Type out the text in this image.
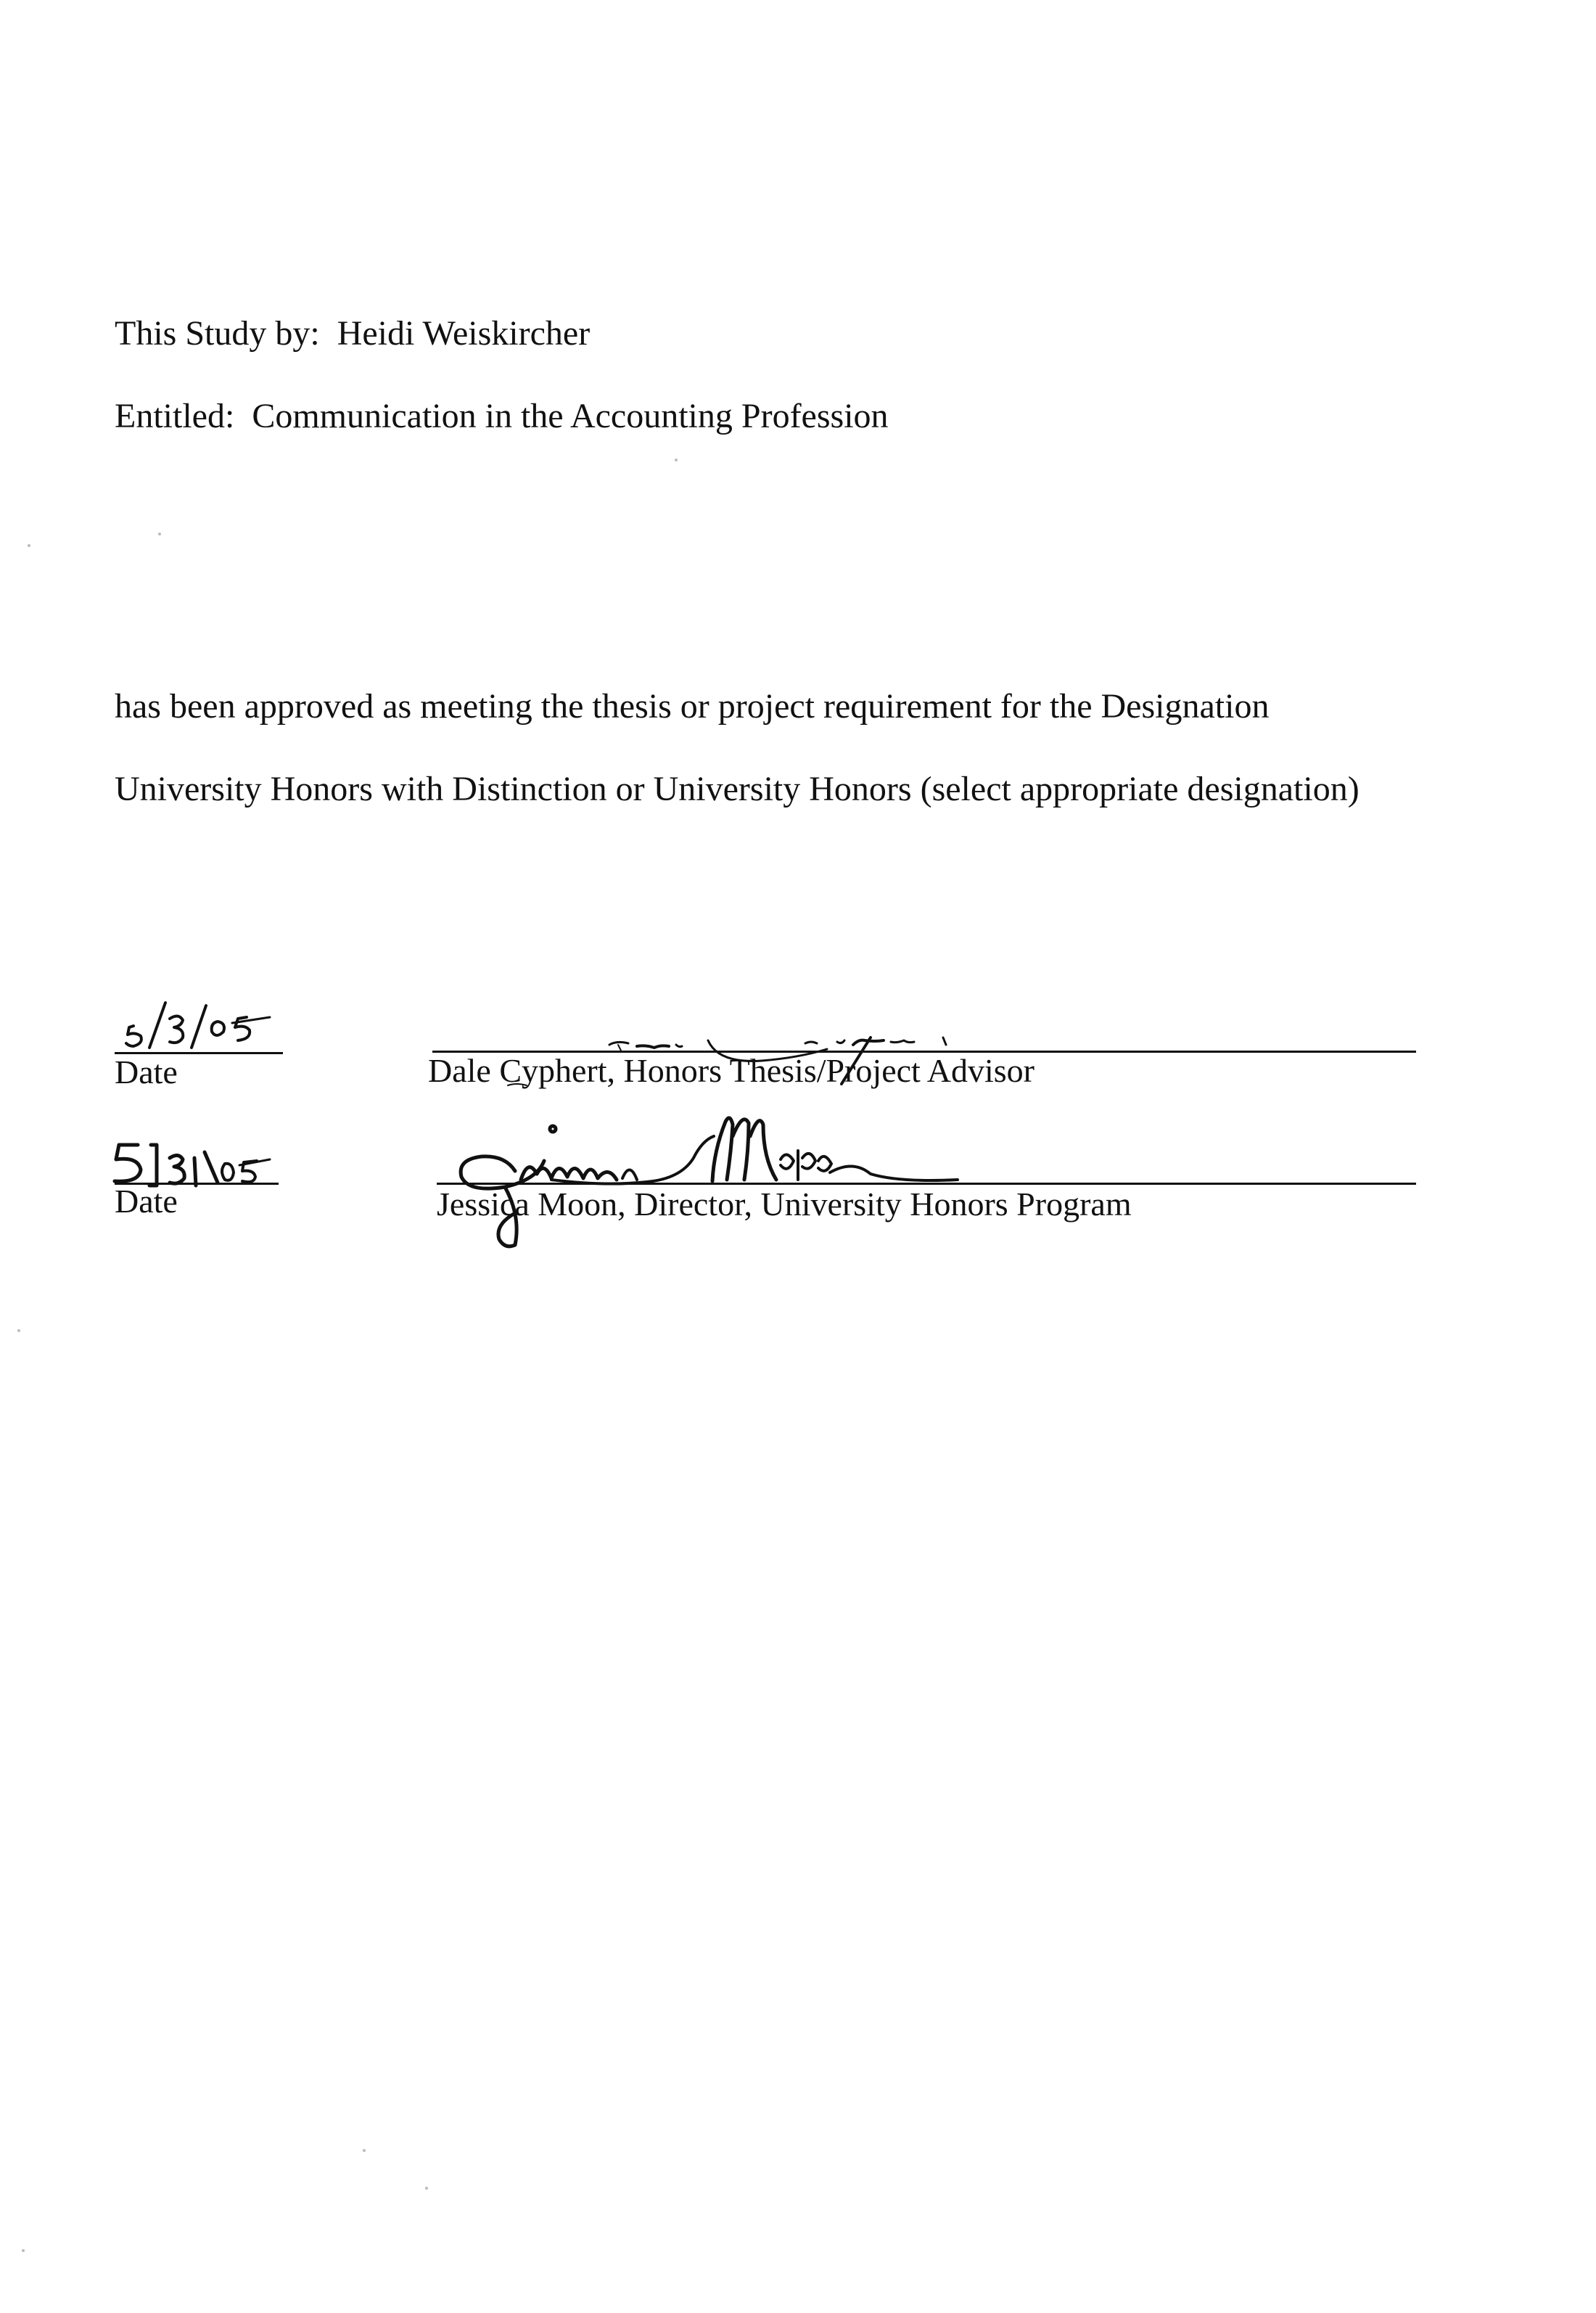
This Study by: Heidi Weiskircher
Entitled: Communication in the Accounting Profession
has been approved as meeting the thesis or project requirement for the Designation
University Honors with Distinction or University Honors (select appropriate designation)
Date	Dale Cyphert, Honors Thesis/Project Advisor
Date	Jessica Moon, Director, University Honors Program
